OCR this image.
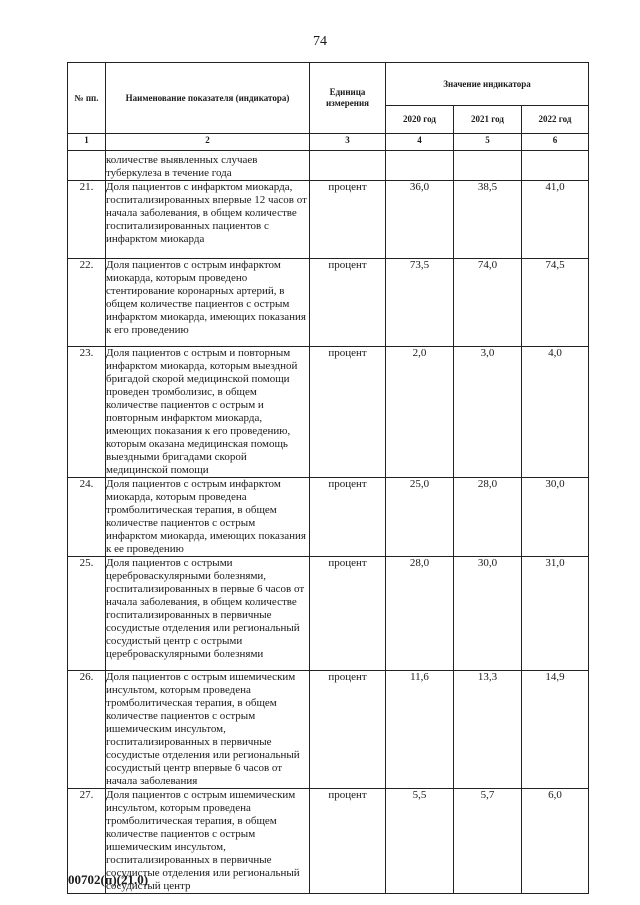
74
№ пп.	Наименование показателя (индикатора)	Единица измерения	Значение индикатора		
			2020 год	2021 год	2022 год
1	2	3	4	5	6
	количестве выявленных случаев туберкулеза в течение года				
21.	Доля пациентов с инфарктом миокарда, госпитализированных впервые 12 часов от начала заболевания, в общем количестве госпитализированных пациентов с инфарктом миокарда	процент	36,0	38,5	41,0
22.	Доля пациентов с острым инфарктом миокарда, которым проведено стентирование коронарных артерий, в общем количестве пациентов с острым инфарктом миокарда, имеющих показания к его проведению	процент	73,5	74,0	74,5
23.	Доля пациентов с острым и повторным инфарктом миокарда, которым выездной бригадой скорой медицинской помощи проведен тромболизис, в общем количестве пациентов с острым и повторным инфарктом миокарда, имеющих показания к его проведению, которым оказана медицинская помощь выездными бригадами скорой медицинской помощи	процент	2,0	3,0	4,0
24.	Доля пациентов с острым инфарктом миокарда, которым проведена тромболитическая терапия, в общем количестве пациентов с острым инфарктом миокарда, имеющих показания к ее проведению	процент	25,0	28,0	30,0
25.	Доля пациентов с острыми цереброваскулярными болезнями, госпитализированных в первые 6 часов от начала заболевания, в общем количестве госпитализированных в первичные сосудистые отделения или региональный сосудистый центр с острыми цереброваскулярными болезнями	процент	28,0	30,0	31,0
26.	Доля пациентов с острым ишемическим инсультом, которым проведена тромболитическая терапия, в общем количестве пациентов с острым ишемическим инсультом, госпитализированных в первичные сосудистые отделения или региональный сосудистый центр впервые 6 часов от начала заболевания	процент	11,6	13,3	14,9
27.	Доля пациентов с острым ишемическим инсультом, которым проведена тромболитическая терапия, в общем количестве пациентов с острым ишемическим инсультом, госпитализированных в первичные сосудистые отделения или региональный сосудистый центр	процент	5,5	5,7	6,0
00702(п)(21.0)
